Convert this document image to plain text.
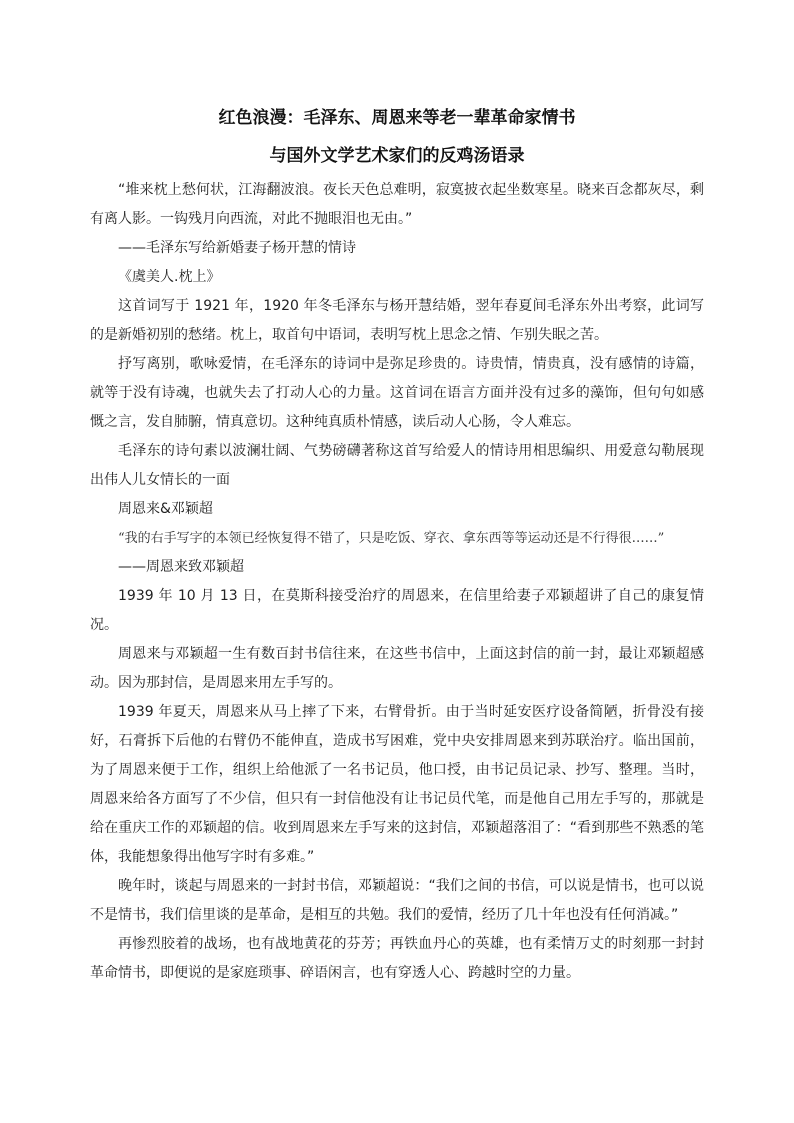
红色浪漫：毛泽东、周恩来等老一辈革命家情书
与国外文学艺术家们的反鸡汤语录

“堆来枕上愁何状，江海翻波浪。夜长天色总难明，寂寞披衣起坐数寒星。晓来百念都灰尽，剩有离人影。一钩残月向西流，对此不抛眼泪也无由。”

——毛泽东写给新婚妻子杨开慧的情诗

《虞美人.枕上》

这首词写于 1921 年，1920 年冬毛泽东与杨开慧结婚，翌年春夏间毛泽东外出考察，此词写的是新婚初别的愁绪。枕上，取首句中语词，表明写枕上思念之情、乍别失眠之苦。

抒写离别，歌咏爱情，在毛泽东的诗词中是弥足珍贵的。诗贵情，情贵真，没有感情的诗篇，就等于没有诗魂，也就失去了打动人心的力量。这首词在语言方面并没有过多的藻饰，但句句如感慨之言，发自肺腑，情真意切。这种纯真质朴情感，读后动人心肠，令人难忘。

毛泽东的诗句素以波澜壮阔、气势磅礴著称这首写给爱人的情诗用相思编织、用爱意勾勒展现出伟人儿女情长的一面

周恩来&邓颖超

“我的右手写字的本领已经恢复得不错了，只是吃饭、穿衣、拿东西等等运动还是不行得很……”

——周恩来致邓颖超

1939 年 10 月 13 日，在莫斯科接受治疗的周恩来，在信里给妻子邓颖超讲了自己的康复情况。

周恩来与邓颖超一生有数百封书信往来，在这些书信中，上面这封信的前一封，最让邓颖超感动。因为那封信，是周恩来用左手写的。

1939 年夏天，周恩来从马上摔了下来，右臂骨折。由于当时延安医疗设备简陋，折骨没有接好，石膏拆下后他的右臂仍不能伸直，造成书写困难，党中央安排周恩来到苏联治疗。临出国前，为了周恩来便于工作，组织上给他派了一名书记员，他口授，由书记员记录、抄写、整理。当时，周恩来给各方面写了不少信，但只有一封信他没有让书记员代笔，而是他自己用左手写的，那就是给在重庆工作的邓颖超的信。收到周恩来左手写来的这封信，邓颖超落泪了：“看到那些不熟悉的笔体，我能想象得出他写字时有多难。”

晚年时，谈起与周恩来的一封封书信，邓颖超说：“我们之间的书信，可以说是情书，也可以说不是情书，我们信里谈的是革命，是相互的共勉。我们的爱情，经历了几十年也没有任何消减。”

再惨烈胶着的战场，也有战地黄花的芬芳；再铁血丹心的英雄，也有柔情万丈的时刻那一封封革命情书，即便说的是家庭琐事、碎语闲言，也有穿透人心、跨越时空的力量。
